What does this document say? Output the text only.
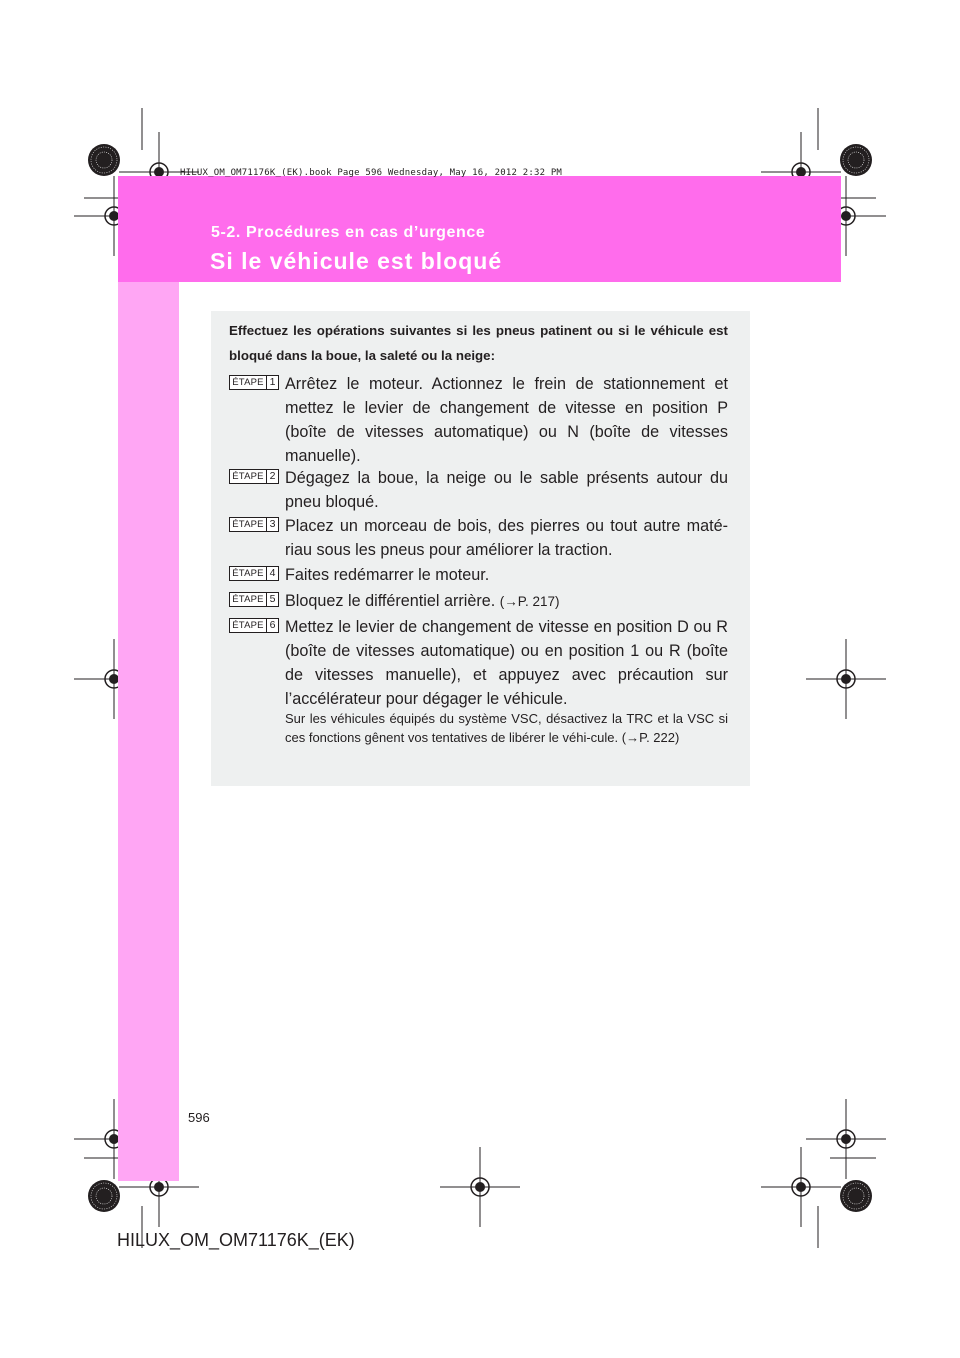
HILUX_OM_OM71176K_(EK).book Page 596 Wednesday, May 16, 2012 2:32 PM
5-2. Procédures en cas d’urgence
Si le véhicule est bloqué
Effectuez les opérations suivantes si les pneus patinent ou si le véhicule est bloqué dans la boue, la saleté ou la neige:
ÉTAPE 1 Arrêtez le moteur. Actionnez le frein de stationnement et mettez le levier de changement de vitesse en position P (boîte de vitesses automatique) ou N (boîte de vitesses manuelle).
ÉTAPE 2 Dégagez la boue, la neige ou le sable présents autour du pneu bloqué.
ÉTAPE 3 Placez un morceau de bois, des pierres ou tout autre maté-riau sous les pneus pour améliorer la traction.
ÉTAPE 4 Faites redémarrer le moteur.
ÉTAPE 5 Bloquez le différentiel arrière. (→P. 217)
ÉTAPE 6 Mettez le levier de changement de vitesse en position D ou R (boîte de vitesses automatique) ou en position 1 ou R (boîte de vitesses manuelle), et appuyez avec précaution sur l’accélérateur pour dégager le véhicule.
Sur les véhicules équipés du système VSC, désactivez la TRC et la VSC si ces fonctions gênent vos tentatives de libérer le véhi-cule. (→P. 222)
596
HILUX_OM_OM71176K_(EK)
